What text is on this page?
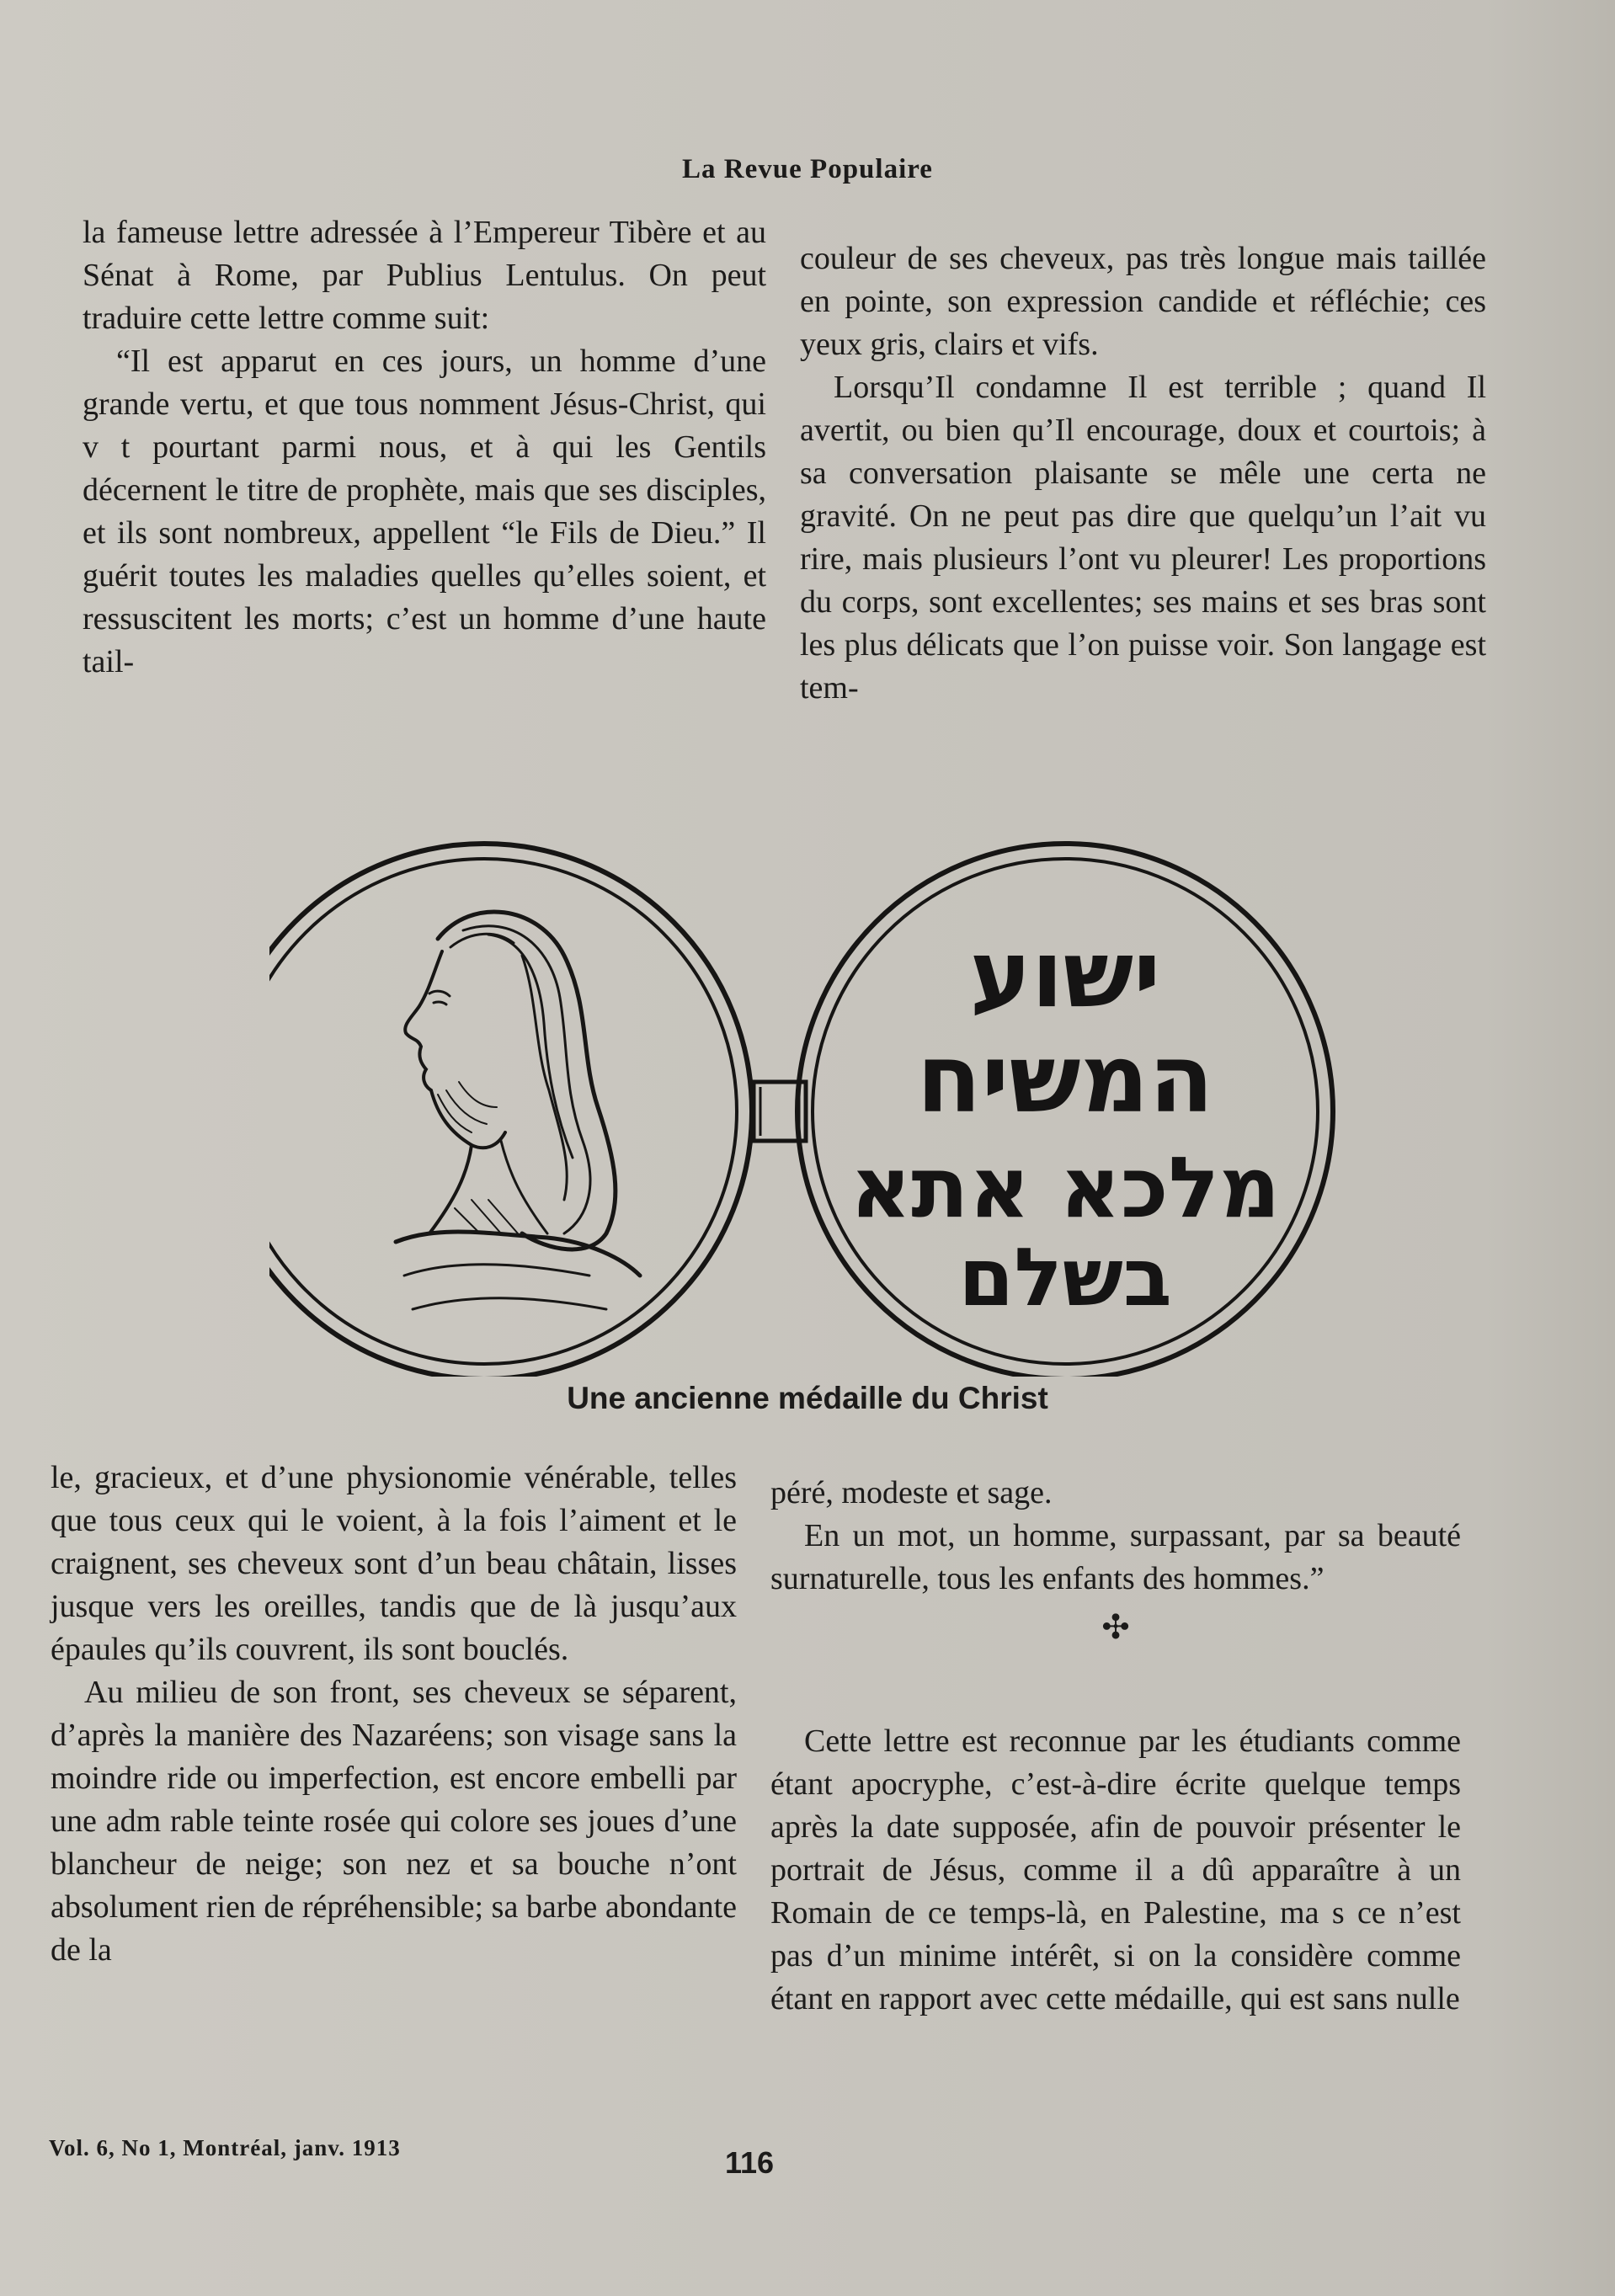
La Revue Populaire

la fameuse lettre adressée à l’Empereur Tibère et au Sénat à Rome, par Publius Lentulus. On peut traduire cette lettre comme suit:

“Il est apparut en ces jours, un homme d’une grande vertu, et que tous nomment Jésus-Christ, qui v t pourtant parmi nous, et à qui les Gentils décernent le titre de prophète, mais que ses disciples, et ils sont nombreux, appellent “le Fils de Dieu.” Il guérit toutes les maladies quelles qu’elles soient, et ressuscitent les morts; c’est un homme d’une haute tail-

couleur de ses cheveux, pas très longue mais taillée en pointe, son expression candide et réfléchie; ces yeux gris, clairs et vifs.

Lorsqu’Il condamne Il est terrible ; quand Il avertit, ou bien qu’Il encourage, doux et courtois; à sa conversation plaisante se mêle une certa ne gravité. On ne peut pas dire que quelqu’un l’ait vu rire, mais plusieurs l’ont vu pleurer! Les proportions du corps, sont excellentes; ses mains et ses bras sont les plus délicats que l’on puisse voir. Son langage est tem-

ישוע
המשיח
מלכא אתא
בשלם
Une ancienne médaille du Christ

le, gracieux, et d’une physionomie vénérable, telles que tous ceux qui le voient, à la fois l’aiment et le craignent, ses cheveux sont d’un beau châtain, lisses jusque vers les oreilles, tandis que de là jusqu’aux épaules qu’ils couvrent, ils sont bouclés.

Au milieu de son front, ses cheveux se séparent, d’après la manière des Nazaréens; son visage sans la moindre ride ou imperfection, est encore embelli par une adm rable teinte rosée qui colore ses joues d’une blancheur de neige; son nez et sa bouche n’ont absolument rien de répréhensible; sa barbe abondante de la

péré, modeste et sage.

En un mot, un homme, surpassant, par sa beauté surnaturelle, tous les enfants des hommes.”

✣

Cette lettre est reconnue par les étudiants comme étant apocryphe, c’est-à-dire écrite quelque temps après la date supposée, afin de pouvoir présenter le portrait de Jésus, comme il a dû apparaître à un Romain de ce temps-là, en Palestine, ma s ce n’est pas d’un minime intérêt, si on la considère comme étant en rapport avec cette médaille, qui est sans nulle

Vol. 6, No 1, Montréal, janv. 1913	116
